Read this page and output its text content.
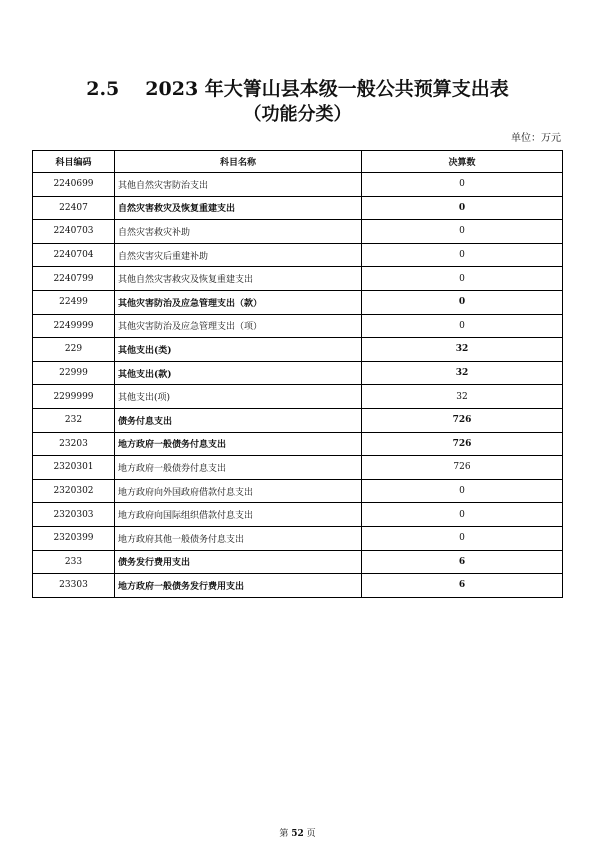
2.5 2023 年大箐山县本级一般公共预算支出表
（功能分类）
单位：万元
科目编码	科目名称	决算数
2240699	其他自然灾害防治支出	0
22407	自然灾害救灾及恢复重建支出	0
2240703	自然灾害救灾补助	0
2240704	自然灾害灾后重建补助	0
2240799	其他自然灾害救灾及恢复重建支出	0
22499	其他灾害防治及应急管理支出（款）	0
2249999	其他灾害防治及应急管理支出（项）	0
229	其他支出(类)	32
22999	其他支出(款)	32
2299999	其他支出(项)	32
232	债务付息支出	726
23203	地方政府一般债务付息支出	726
2320301	地方政府一般债券付息支出	726
2320302	地方政府向外国政府借款付息支出	0
2320303	地方政府向国际组织借款付息支出	0
2320399	地方政府其他一般债务付息支出	0
233	债务发行费用支出	6
23303	地方政府一般债务发行费用支出	6
第 52 页
